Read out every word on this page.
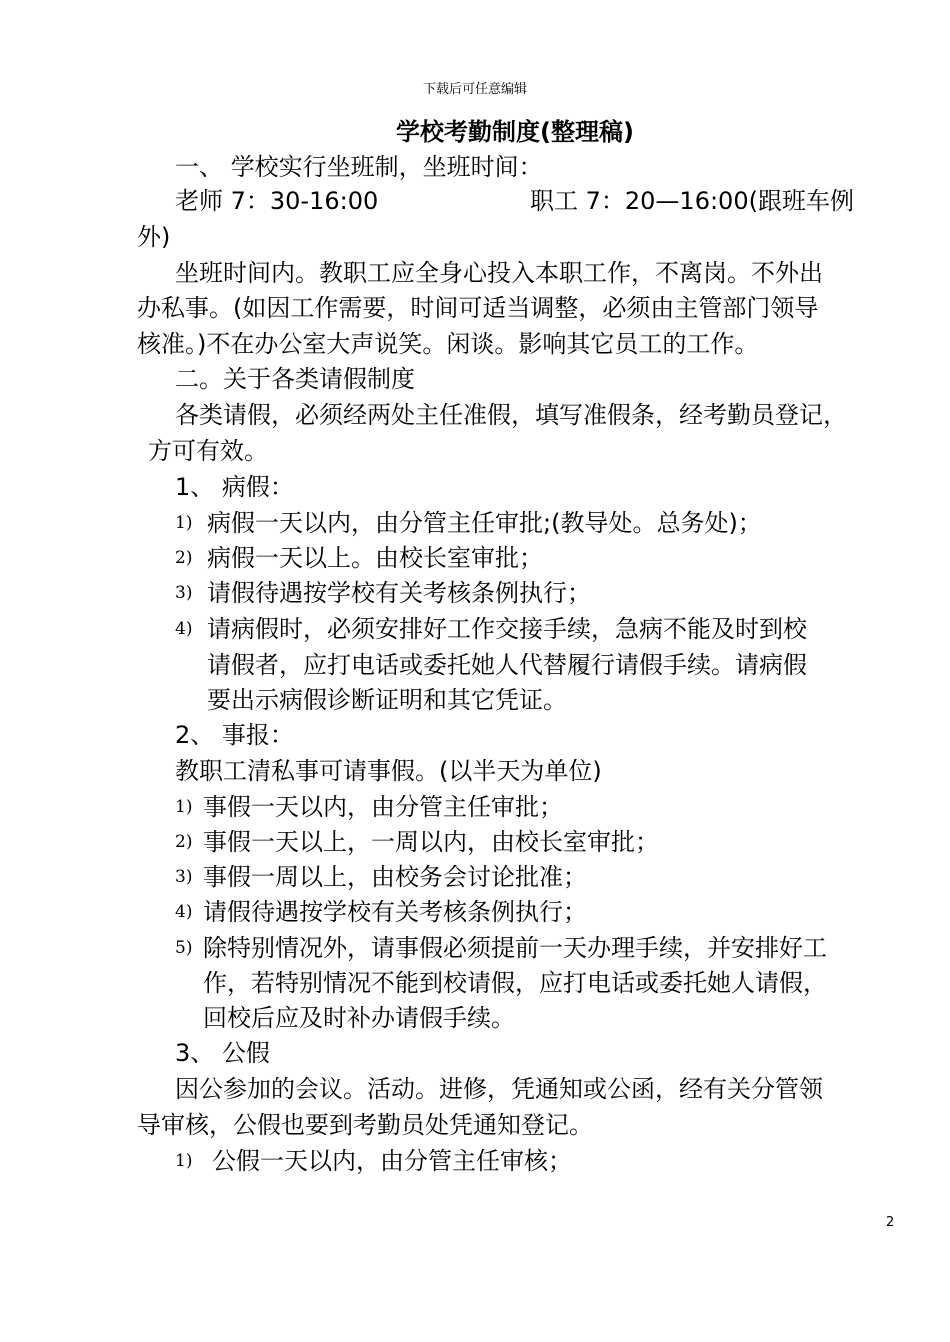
下载后可任意编辑
学校考勤制度(整理稿)
一、 学校实行坐班制，坐班时间：
老师 7：30-16:00	职工 7：20—16:00(跟班车例
外)
坐班时间内。教职工应全身心投入本职工作，不离岗。不外出
办私事。(如因工作需要，时间可适当调整，必须由主管部门领导
核准。)不在办公室大声说笑。闲谈。影响其它员工的工作。
二。关于各类请假制度
各类请假，必须经两处主任准假，填写准假条，经考勤员登记，
方可有效。
1、 病假：
1) 病假一天以内，由分管主任审批;(教导处。总务处)；
2) 病假一天以上。由校长室审批；
3) 请假待遇按学校有关考核条例执行；
4) 请病假时，必须安排好工作交接手续，急病不能及时到校
请假者，应打电话或委托她人代替履行请假手续。请病假
要出示病假诊断证明和其它凭证。
2、 事报：
教职工清私事可请事假。(以半天为单位)
1) 事假一天以内，由分管主任审批；
2) 事假一天以上，一周以内，由校长室审批；
3) 事假一周以上，由校务会讨论批准；
4) 请假待遇按学校有关考核条例执行；
5) 除特别情况外，请事假必须提前一天办理手续，并安排好工
作，若特别情况不能到校请假，应打电话或委托她人请假，
回校后应及时补办请假手续。
3、 公假
因公参加的会议。活动。进修，凭通知或公函，经有关分管领
导审核，公假也要到考勤员处凭通知登记。
1) 公假一天以内，由分管主任审核；
2
